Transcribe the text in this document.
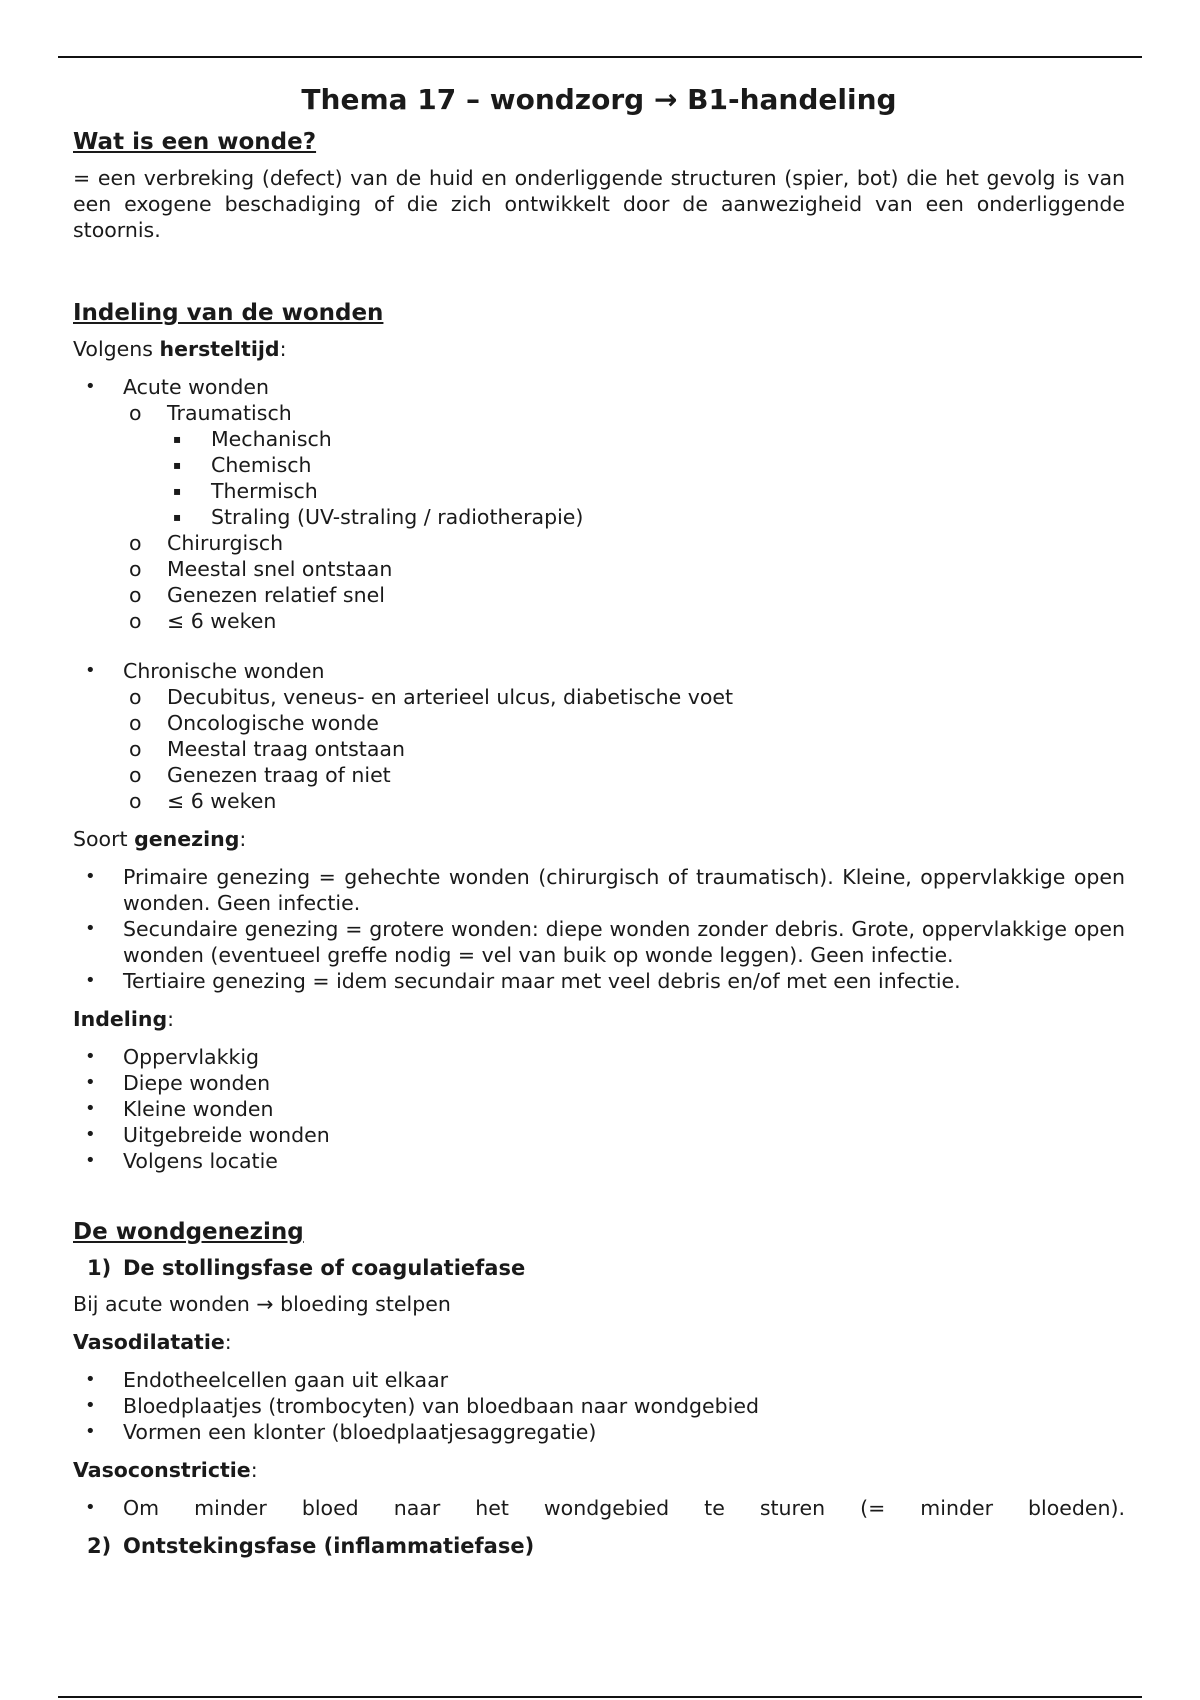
Thema 17 – wondzorg → B1-handeling
Wat is een wonde?

= een verbreking (defect) van de huid en onderliggende structuren (spier, bot) die het gevolg is van een exogene beschadiging of die zich ontwikkelt door de aanwezigheid van een onderliggende stoornis.

Indeling van de wonden

Volgens hersteltijd:

• Acute wonden
o Traumatisch
▪ Mechanisch
▪ Chemisch
▪ Thermisch
▪ Straling (UV-straling / radiotherapie)
o Chirurgisch
o Meestal snel ontstaan
o Genezen relatief snel
o ≤ 6 weken
• Chronische wonden
o Decubitus, veneus- en arterieel ulcus, diabetische voet
o Oncologische wonde
o Meestal traag ontstaan
o Genezen traag of niet
o ≤ 6 weken

Soort genezing:

• Primaire genezing = gehechte wonden (chirurgisch of traumatisch). Kleine, oppervlakkige open wonden. Geen infectie.
• Secundaire genezing = grotere wonden: diepe wonden zonder debris. Grote, oppervlakkige open wonden (eventueel greffe nodig = vel van buik op wonde leggen). Geen infectie.
• Tertiaire genezing = idem secundair maar met veel debris en/of met een infectie.

Indeling:

• Oppervlakkig
• Diepe wonden
• Kleine wonden
• Uitgebreide wonden
• Volgens locatie
De wondgenezing
1) De stollingsfase of coagulatiefase

Bij acute wonden → bloeding stelpen

Vasodilatatie:

• Endotheelcellen gaan uit elkaar
• Bloedplaatjes (trombocyten) van bloedbaan naar wondgebied
• Vormen een klonter (bloedplaatjesaggregatie)

Vasoconstrictie:

• Om minder bloed naar het wondgebied te sturen (= minder bloeden).
2) Ontstekingsfase (inflammatiefase)
